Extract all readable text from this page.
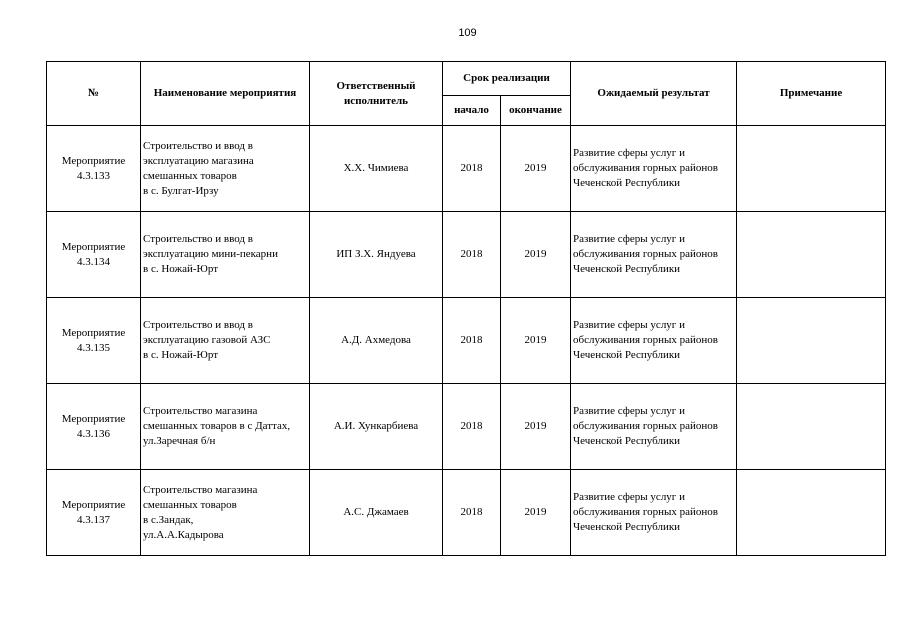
109
№	Наименование мероприятия	Ответственный исполнитель	Срок реализации		Ожидаемый результат	Примечание
			начало	окончание		
Мероприятие
4.3.133	Строительство и ввод в
эксплуатацию магазина
смешанных товаров
в с. Булгат-Ирзу	Х.Х. Чимиева	2018	2019	Развитие сферы услуг и
обслуживания горных районов
Чеченской Республики	
Мероприятие
4.3.134	Строительство и ввод в
эксплуатацию мини-пекарни
в с. Ножай-Юрт	ИП З.Х. Яндуева	2018	2019	Развитие сферы услуг и
обслуживания горных районов
Чеченской Республики	
Мероприятие
4.3.135	Строительство и ввод в
эксплуатацию газовой АЗС
в с. Ножай-Юрт	А.Д. Ахмедова	2018	2019	Развитие сферы услуг и
обслуживания горных районов
Чеченской Республики	
Мероприятие
4.3.136	Строительство магазина
смешанных товаров в с Даттах,
ул.Заречная б/н	А.И. Хункарбиева	2018	2019	Развитие сферы услуг и
обслуживания горных районов
Чеченской Республики	
Мероприятие
4.3.137	Строительство магазина
смешанных товаров
в с.Зандак,
ул.А.А.Кадырова	А.С. Джамаев	2018	2019	Развитие сферы услуг и
обслуживания горных районов
Чеченской Республики	
